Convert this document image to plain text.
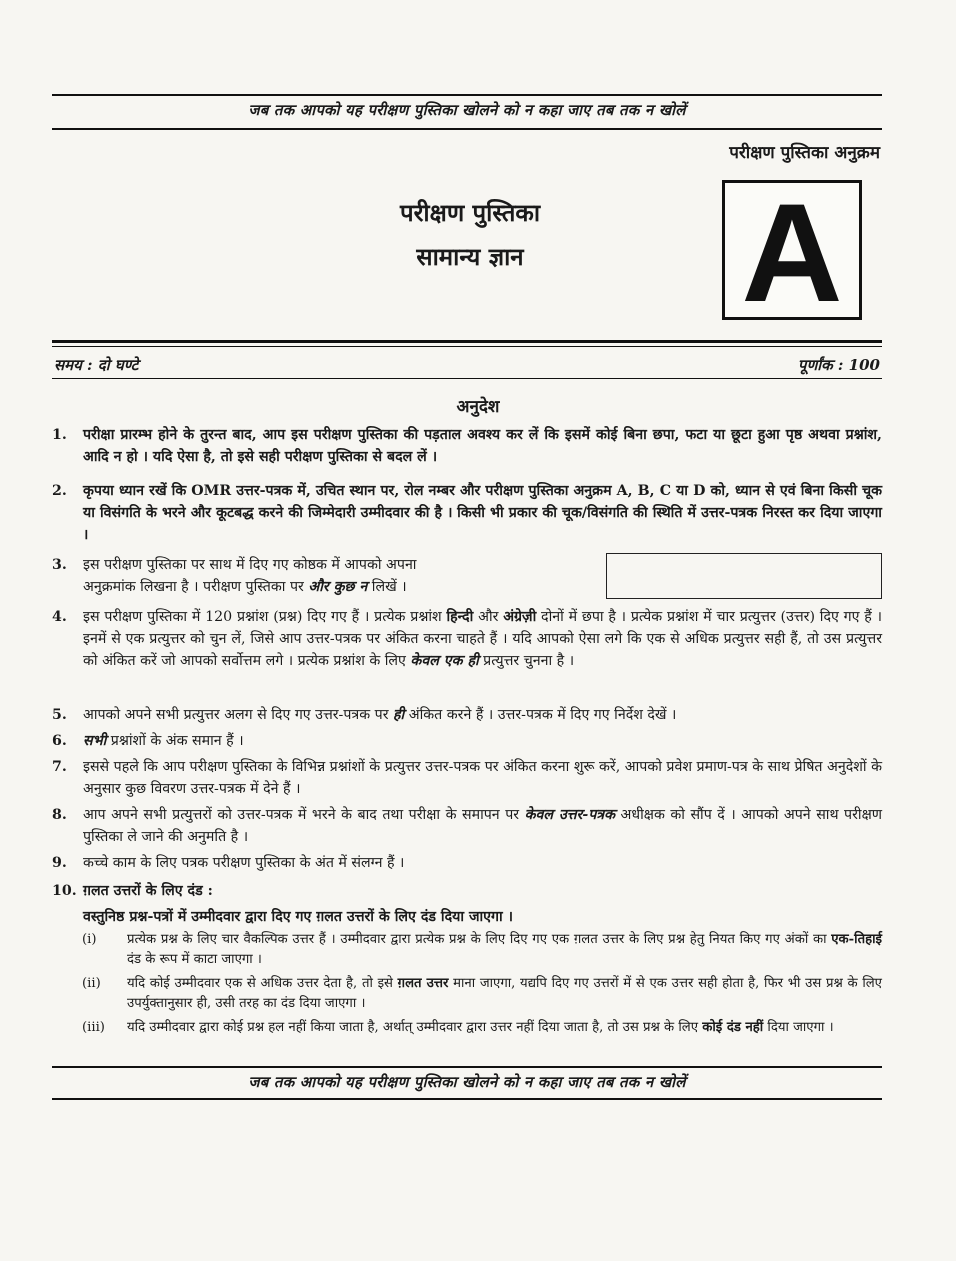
जब तक आपको यह परीक्षण पुस्तिका खोलने को न कहा जाए तब तक न खोलें
परीक्षण पुस्तिका अनुक्रम
परीक्षण पुस्तिका
सामान्य ज्ञान	A
समय : दो घण्टे	पूर्णांक : 100
अनुदेश
1.	परीक्षा प्रारम्भ होने के तुरन्त बाद, आप इस परीक्षण पुस्तिका की पड़ताल अवश्य कर लें कि इसमें कोई बिना छपा, फटा या छूटा हुआ पृष्ठ अथवा प्रश्नांश, आदि न हो । यदि ऐसा है, तो इसे सही परीक्षण पुस्तिका से बदल लें ।
2.	कृपया ध्यान रखें कि OMR उत्तर-पत्रक में, उचित स्थान पर, रोल नम्बर और परीक्षण पुस्तिका अनुक्रम A, B, C या D को, ध्यान से एवं बिना किसी चूक या विसंगति के भरने और कूटबद्ध करने की जिम्मेदारी उम्मीदवार की है । किसी भी प्रकार की चूक/विसंगति की स्थिति में उत्तर-पत्रक निरस्त कर दिया जाएगा ।
3.	इस परीक्षण पुस्तिका पर साथ में दिए गए कोष्ठक में आपको अपना
अनुक्रमांक लिखना है । परीक्षण पुस्तिका पर और कुछ न लिखें ।
4.	इस परीक्षण पुस्तिका में 120 प्रश्नांश (प्रश्न) दिए गए हैं । प्रत्येक प्रश्नांश हिन्दी और अंग्रेज़ी दोनों में छपा है । प्रत्येक प्रश्नांश में चार प्रत्युत्तर (उत्तर) दिए गए हैं । इनमें से एक प्रत्युत्तर को चुन लें, जिसे आप उत्तर-पत्रक पर अंकित करना चाहते हैं । यदि आपको ऐसा लगे कि एक से अधिक प्रत्युत्तर सही हैं, तो उस प्रत्युत्तर को अंकित करें जो आपको सर्वोत्तम लगे । प्रत्येक प्रश्नांश के लिए केवल एक ही प्रत्युत्तर चुनना है ।
5.	आपको अपने सभी प्रत्युत्तर अलग से दिए गए उत्तर-पत्रक पर ही अंकित करने हैं । उत्तर-पत्रक में दिए गए निर्देश देखें ।
6.	सभी प्रश्नांशों के अंक समान हैं ।
7.	इससे पहले कि आप परीक्षण पुस्तिका के विभिन्न प्रश्नांशों के प्रत्युत्तर उत्तर-पत्रक पर अंकित करना शुरू करें, आपको प्रवेश प्रमाण-पत्र के साथ प्रेषित अनुदेशों के अनुसार कुछ विवरण उत्तर-पत्रक में देने हैं ।
8.	आप अपने सभी प्रत्युत्तरों को उत्तर-पत्रक में भरने के बाद तथा परीक्षा के समापन पर केवल उत्तर-पत्रक अधीक्षक को सौंप दें । आपको अपने साथ परीक्षण पुस्तिका ले जाने की अनुमति है ।
9.	कच्चे काम के लिए पत्रक परीक्षण पुस्तिका के अंत में संलग्न हैं ।
10. ग़लत उत्तरों के लिए दंड :
वस्तुनिष्ठ प्रश्न-पत्रों में उम्मीदवार द्वारा दिए गए ग़लत उत्तरों के लिए दंड दिया जाएगा ।
(i)	प्रत्येक प्रश्न के लिए चार वैकल्पिक उत्तर हैं । उम्मीदवार द्वारा प्रत्येक प्रश्न के लिए दिए गए एक ग़लत उत्तर के लिए प्रश्न हेतु नियत किए गए अंकों का एक-तिहाई दंड के रूप में काटा जाएगा ।
(ii)	यदि कोई उम्मीदवार एक से अधिक उत्तर देता है, तो इसे ग़लत उत्तर माना जाएगा, यद्यपि दिए गए उत्तरों में से एक उत्तर सही होता है, फिर भी उस प्रश्न के लिए उपर्युक्तानुसार ही, उसी तरह का दंड दिया जाएगा ।
(iii)	यदि उम्मीदवार द्वारा कोई प्रश्न हल नहीं किया जाता है, अर्थात् उम्मीदवार द्वारा उत्तर नहीं दिया जाता है, तो उस प्रश्न के लिए कोई दंड नहीं दिया जाएगा ।
जब तक आपको यह परीक्षण पुस्तिका खोलने को न कहा जाए तब तक न खोलें
